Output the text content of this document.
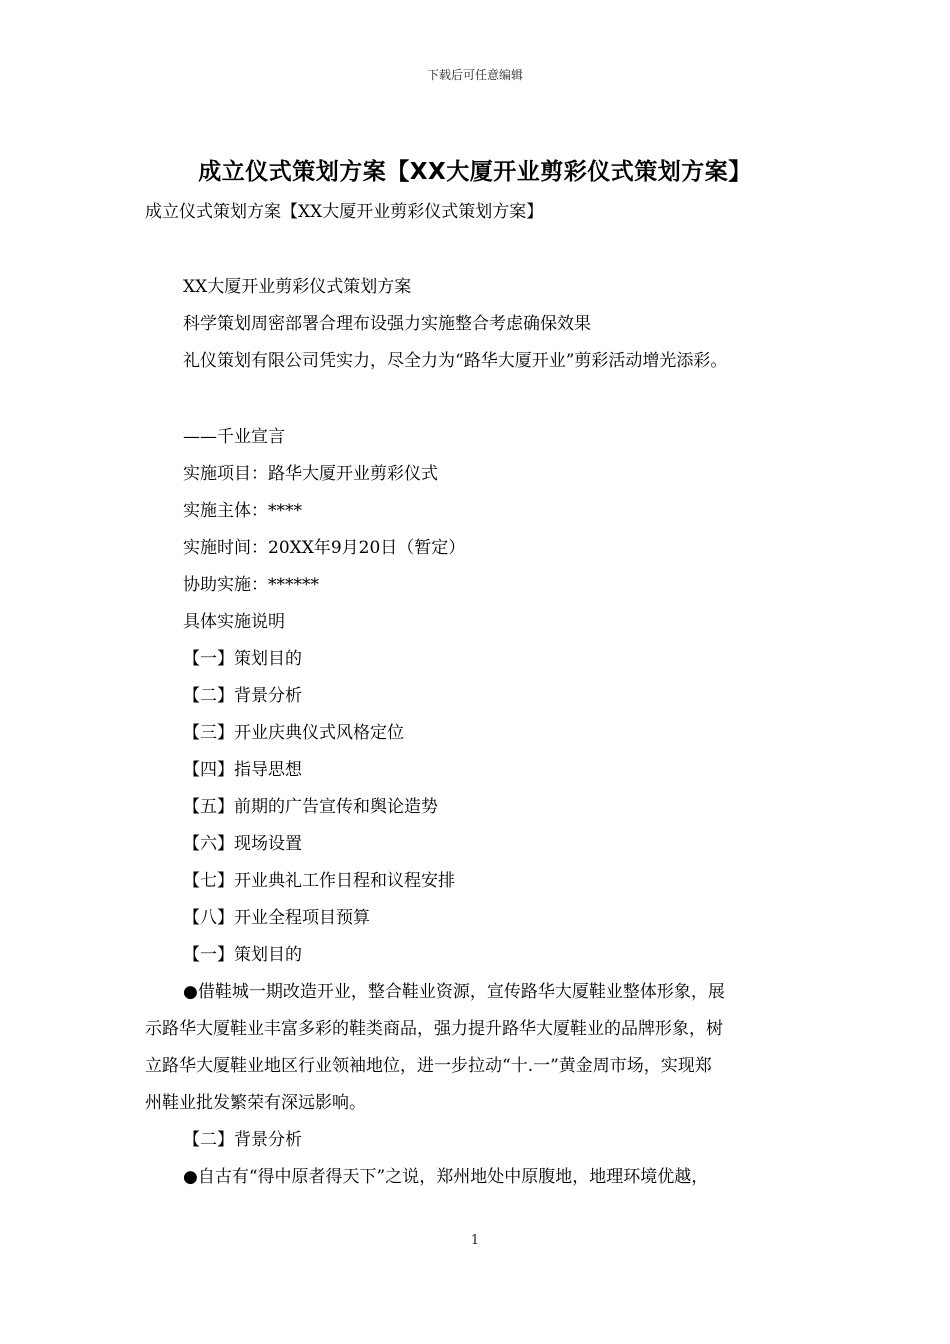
下载后可任意编辑
成立仪式策划方案【XX大厦开业剪彩仪式策划方案】
成立仪式策划方案【XX大厦开业剪彩仪式策划方案】
XX大厦开业剪彩仪式策划方案
科学策划周密部署合理布设强力实施整合考虑确保效果
礼仪策划有限公司凭实力，尽全力为“路华大厦开业”剪彩活动增光添彩。
——千业宣言
实施项目：路华大厦开业剪彩仪式
实施主体：****
实施时间：20XX年9月20日（暂定）
协助实施：******
具体实施说明
【一】策划目的
【二】背景分析
【三】开业庆典仪式风格定位
【四】指导思想
【五】前期的广告宣传和舆论造势
【六】现场设置
【七】开业典礼工作日程和议程安排
【八】开业全程项目预算
【一】策划目的
●借鞋城一期改造开业，整合鞋业资源，宣传路华大厦鞋业整体形象，展
示路华大厦鞋业丰富多彩的鞋类商品，强力提升路华大厦鞋业的品牌形象，树
立路华大厦鞋业地区行业领袖地位，进一步拉动“十.一”黄金周市场，实现郑
州鞋业批发繁荣有深远影响。
【二】背景分析
●自古有“得中原者得天下”之说，郑州地处中原腹地，地理环境优越，
1
